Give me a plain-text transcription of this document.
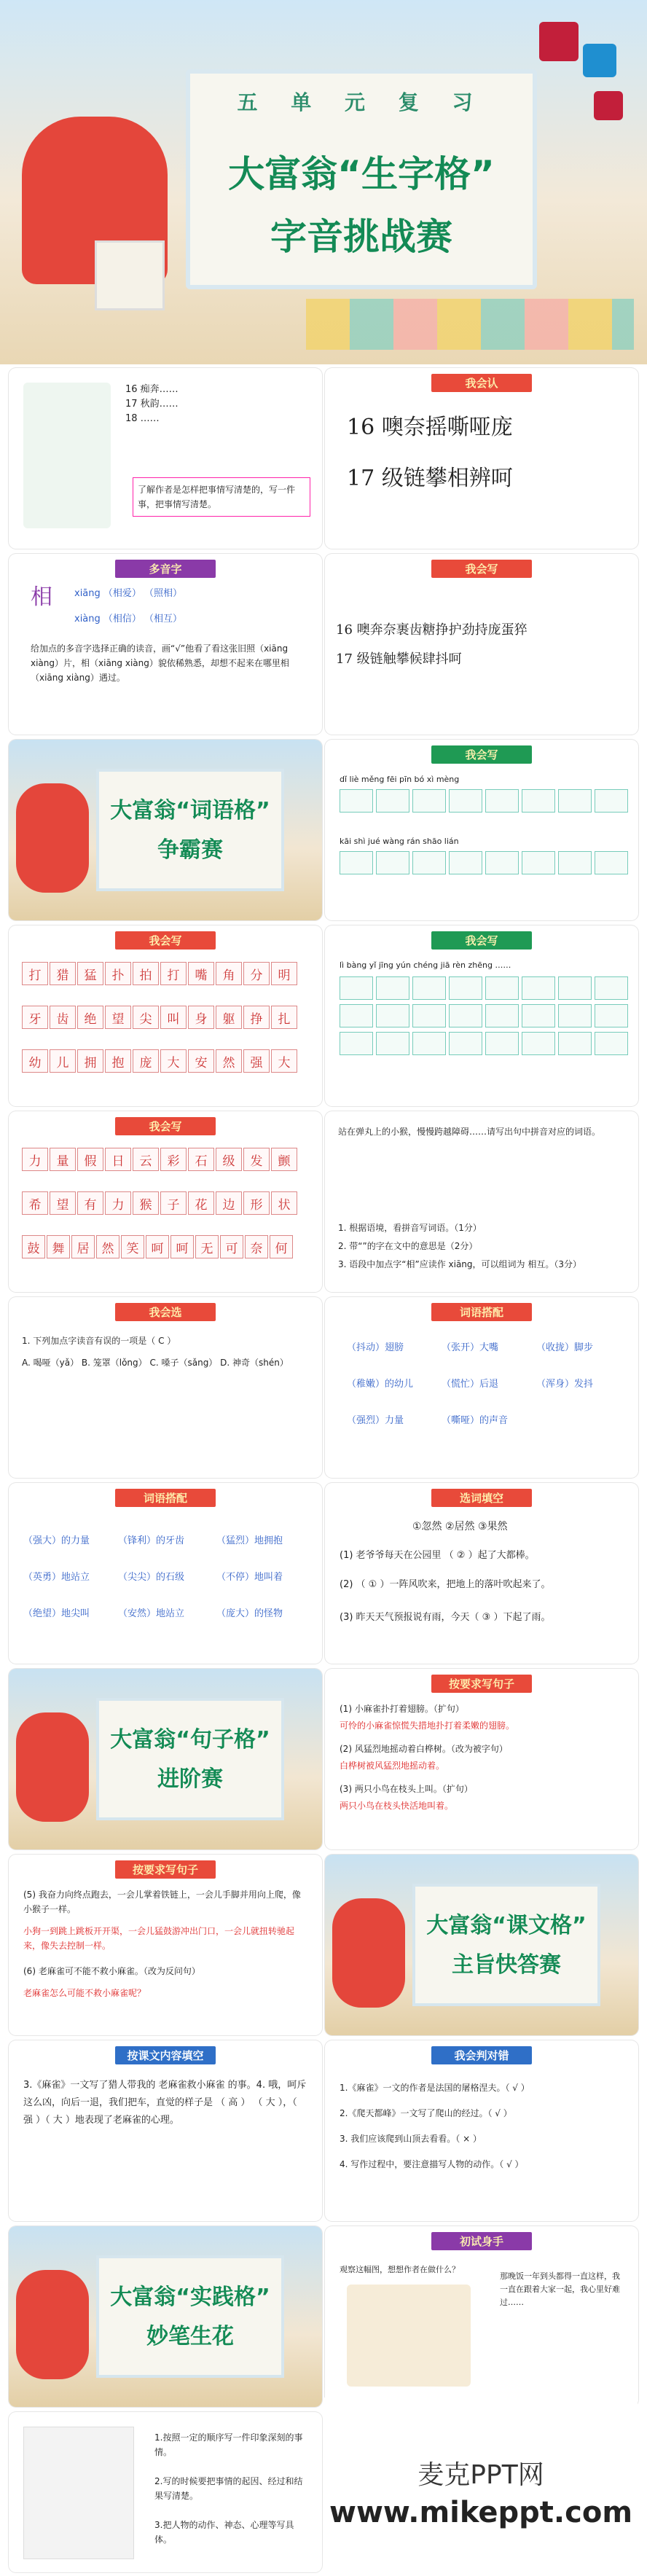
五 单 元 复 习
大富翁“生字格”
字音挑战赛
16 痴奔……
17 秋韵……
18 ……
了解作者是怎样把事情写清楚的，写一件事，把事情写清楚。
我会认
16 噢奈摇嘶哑庞
17 级链攀相辨呵
多音字
相 xiāng （相爱） （照相）
xiàng （相信） （相互）
给加点的多音字选择正确的读音，画“√”他看了看这张旧照（xiāng xiàng）片，相（xiāng xiàng）貌依稀熟悉，却想不起来在哪里相（xiāng xiàng）遇过。
我会写
16 噢奔奈裹齿糖挣护劲持庞蛋猝
17 级链触攀候肆抖呵
大富翁“词语格”
争霸赛
我会写
dǐ liè měng fēi pīn bó xì mèng
kāi shì jué wàng rán shāo lián
我会写
打	猎	猛	扑	拍	打	嘴	角	分	明
牙	齿	绝	望	尖	叫	身	躯	挣	扎
幼	儿	拥	抱	庞	大	安	然	强	大
我会写
lì bàng yǐ jīng yún chéng jiā rèn zhēng ……
我会写
力	量	假	日	云	彩	石	级	发	颤
希	望	有	力	猴	子	花	边	形	状
鼓	舞	居	然	笑	呵	呵	无	可	奈	何
站在弹丸上的小猴，慢慢跨越障碍……请写出句中拼音对应的词语。
1. 根据语境，看拼音写词语。（1分）
2. 带“”的字在文中的意思是（2分）
3. 语段中加点字“相”应读作 xiāng，可以组词为 相互。（3分）
我会选
1. 下列加点字读音有误的一项是（ C ）
A. 喝哑（yǎ） B. 笼罩（lǒng） C. 嗓子（sǎng） D. 神奇（shén）
词语搭配
（抖动）翅膀	（张开）大嘴	（收拢）脚步
（稚嫩）的幼儿	（慌忙）后退	（浑身）发抖
（强烈）力量	（嘶哑）的声音
词语搭配
（强大）的力量	（锋利）的牙齿	（猛烈）地拥抱
（英勇）地站立	（尖尖）的石级	（不停）地叫着
（绝望）地尖叫	（安然）地站立	（庞大）的怪物
选词填空
①忽然 ②居然 ③果然
(1) 老爷爷每天在公园里 （ ② ）起了大都棒。
(2) （ ① ）一阵风吹来，把地上的落叶吹起来了。
(3) 昨天天气预报说有雨，今天（ ③ ）下起了雨。
大富翁“句子格”
进阶赛
按要求写句子
(1) 小麻雀扑打着翅膀。（扩句）
可怜的小麻雀惊慌失措地扑打着柔嫩的翅膀。
(2) 风猛烈地摇动着白桦树。（改为被字句）
白桦树被风猛烈地摇动着。
(3) 两只小鸟在枝头上叫。（扩句）
两只小鸟在枝头快活地叫着。
按要求写句子
(5) 我奋力向终点跑去，一会儿掌着铁链上，一会儿手脚并用向上爬，像小猴子一样。
小狗一到跳上跳板开开渠，一会儿猛鼓游冲出门口，一会儿就扭转驰起来，像失去控制一样。
(6) 老麻雀可不能不救小麻雀。（改为反问句）
老麻雀怎么可能不救小麻雀呢？
大富翁“课文格”
主旨快答赛
按课文内容填空
3.《麻雀》一文写了猎人带我的 老麻雀救小麻雀 的事。4. 哦，呵斥这么凶，向后一退，我们把车，直觉的样子是 （ 高 ） （ 大 ），（ 强 ）（ 大 ）地表现了老麻雀的心理。
我会判对错
1.《麻雀》一文的作者是法国的屠格涅夫。（ √ ）
2.《爬天都峰》一文写了爬山的经过。（ √ ）
3. 我们应该爬到山顶去看看。（ × ）
4. 写作过程中，要注意描写人物的动作。（ √ ）
大富翁“实践格”
妙笔生花
初试身手
观察这幅图，想想作者在做什么？
那晚饭一年到头都得一直这样，我一直在跟着大家一起，我心里好难过……
1.按照一定的顺序写一件印象深刻的事情。
2.写的时候要把事情的起因、经过和结果写清楚。
3.把人物的动作、神态、心理等写具体。
麦克PPT网
www.mikeppt.com
